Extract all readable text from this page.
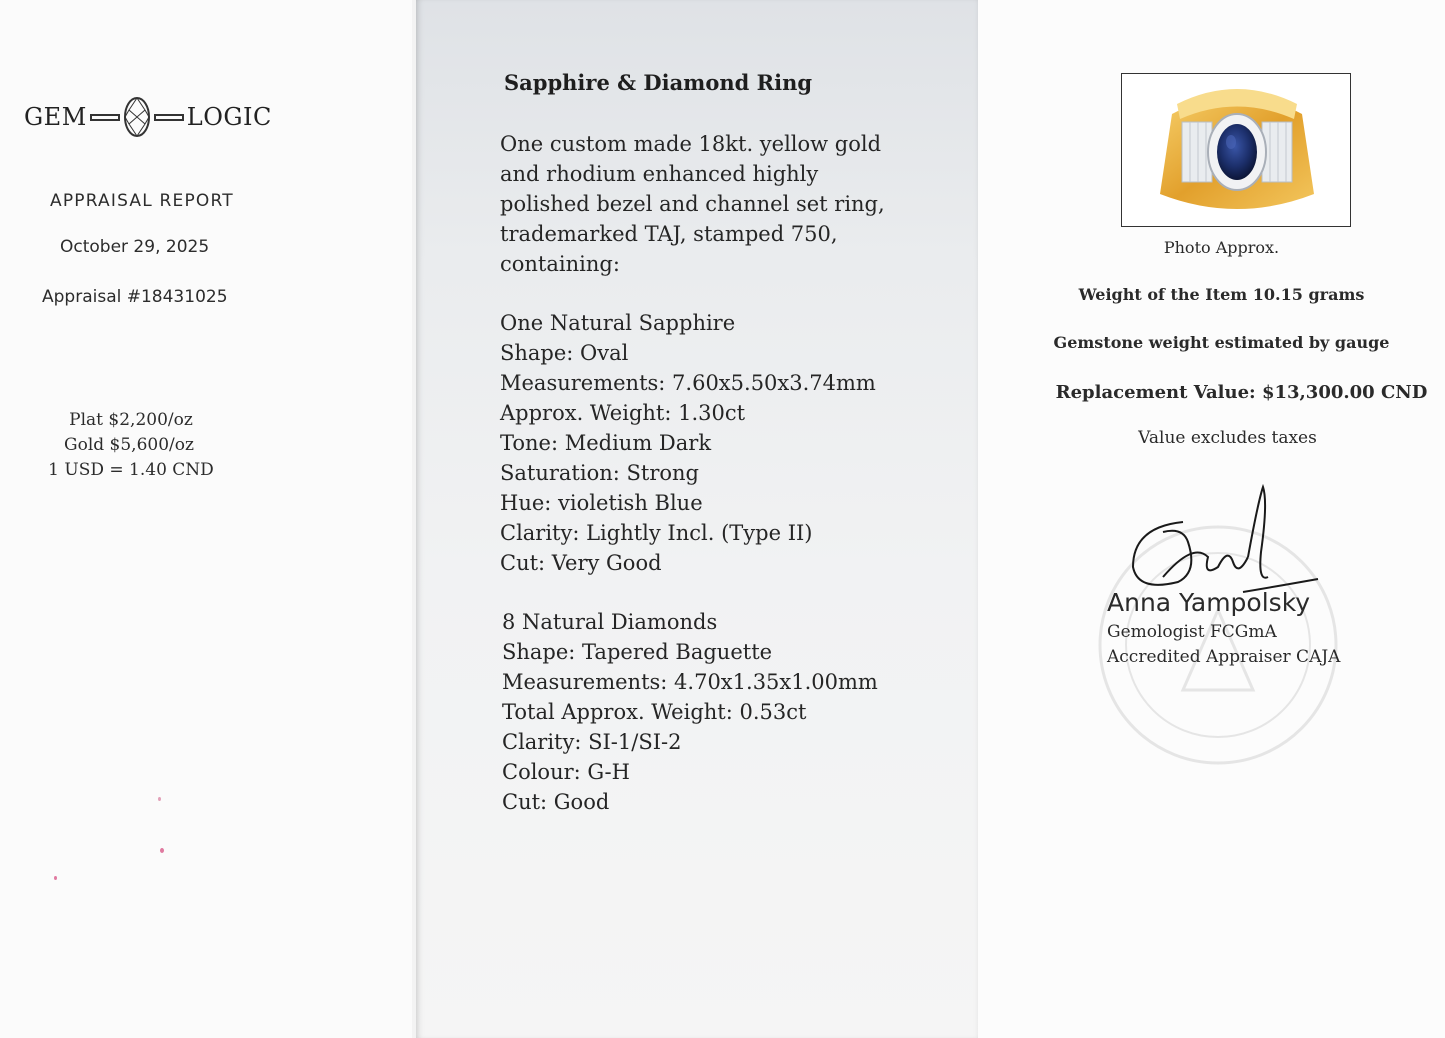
GEM	LOGIC
APPRAISAL REPORT
October 29, 2025
Appraisal #18431025
Plat $2,200/oz
Gold $5,600/oz
1 USD = 1.40 CND
Sapphire & Diamond Ring
One custom made 18kt. yellow gold
and rhodium enhanced highly
polished bezel and channel set ring,
trademarked TAJ, stamped 750,
containing:
One Natural Sapphire
Shape: Oval
Measurements: 7.60x5.50x3.74mm
Approx. Weight: 1.30ct
Tone: Medium Dark
Saturation: Strong
Hue: violetish Blue
Clarity: Lightly Incl. (Type II)
Cut: Very Good
8 Natural Diamonds
Shape: Tapered Baguette
Measurements: 4.70x1.35x1.00mm
Total Approx. Weight: 0.53ct
Clarity: SI-1/SI-2
Colour: G-H
Cut: Good
Photo Approx.
Weight of the Item 10.15 grams
Gemstone weight estimated by gauge
Replacement Value: $13,300.00 CND
Value excludes taxes
Anna Yampolsky
Gemologist FCGmA
Accredited Appraiser CAJA
